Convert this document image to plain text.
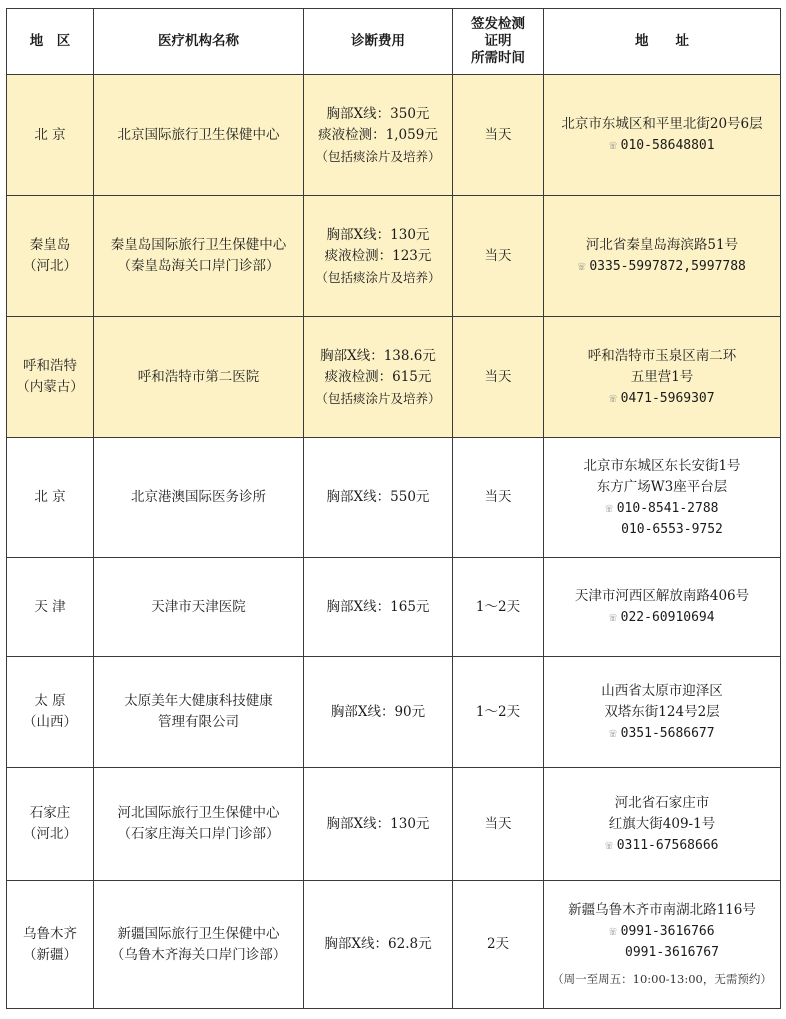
地　区	医疗机构名称	诊断费用	签发检测
证明
所需时间	地　　址

北 京	北京国际旅行卫生保健中心	胸部X线：350元
痰液检测：1,059元
（包括痰涂片及培养）	当天	北京市东城区和平里北街20号6层
☏ 010-58648801

秦皇岛
（河北）	秦皇岛国际旅行卫生保健中心
（秦皇岛海关口岸门诊部）	胸部X线：130元
痰液检测：123元
（包括痰涂片及培养）	当天	河北省秦皇岛海滨路51号
☏ 0335-5997872,5997788

呼和浩特
（内蒙古）	呼和浩特市第二医院	胸部X线：138.6元
痰液检测：615元
（包括痰涂片及培养）	当天	呼和浩特市玉泉区南二环
五里营1号
☏ 0471-5969307

北 京	北京港澳国际医务诊所	胸部X线：550元	当天	北京市东城区东长安街1号
东方广场W3座平台层
☏ 010-8541-2788
010-6553-9752

天 津	天津市天津医院	胸部X线：165元	1～2天	天津市河西区解放南路406号
☏ 022-60910694

太 原
（山西）	太原美年大健康科技健康
管理有限公司	胸部X线：90元	1～2天	山西省太原市迎泽区
双塔东街124号2层
☏ 0351-5686677

石家庄
（河北）	河北国际旅行卫生保健中心
（石家庄海关口岸门诊部）	胸部X线：130元	当天	河北省石家庄市
红旗大街409-1号
☏ 0311-67568666

乌鲁木齐
（新疆）	新疆国际旅行卫生保健中心
（乌鲁木齐海关口岸门诊部）	胸部X线：62.8元	2天	新疆乌鲁木齐市南湖北路116号
☏ 0991-3616766
0991-3616767
（周一至周五：10:00-13:00，无需预约）
